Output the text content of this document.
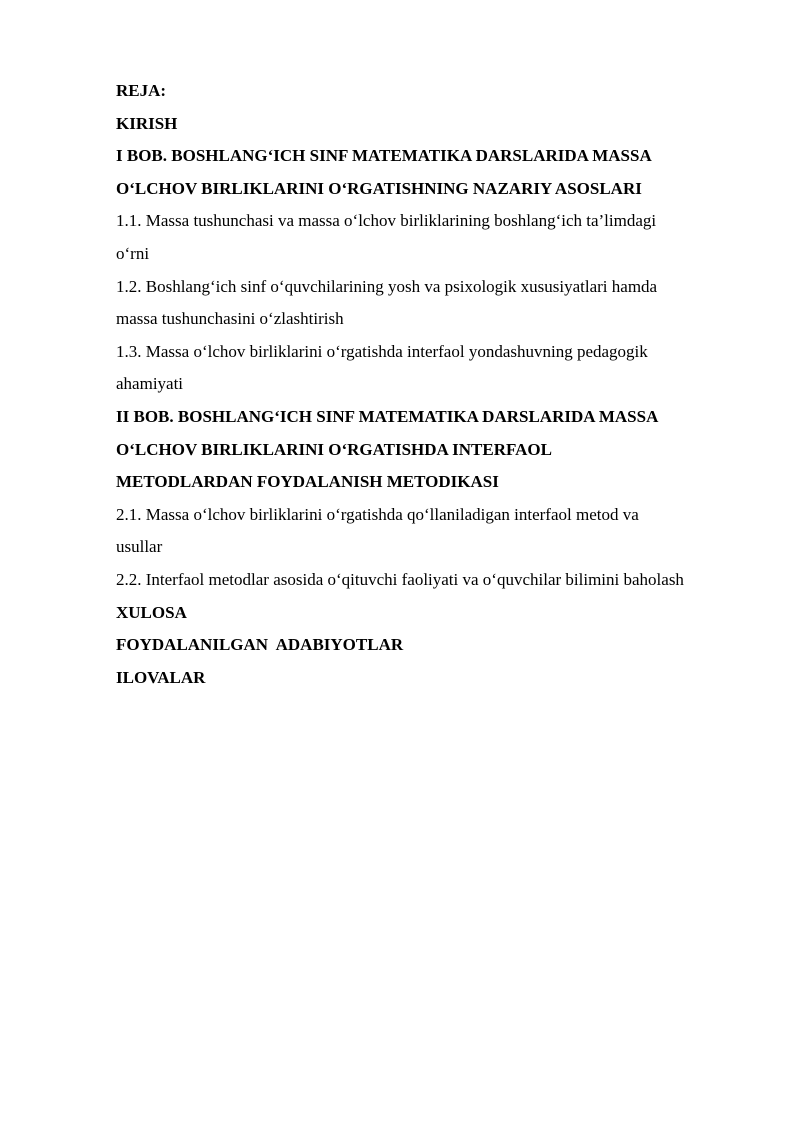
REJA:
KIRISH
I BOB. BOSHLANG‘ICH SINF MATEMATIKA DARSLARIDA MASSA
O‘LCHOV BIRLIKLARINI O‘RGATISHNING NAZARIY ASOSLARI
1.1. Massa tushunchasi va massa o‘lchov birliklarining boshlang‘ich ta’limdagi
o‘rni
1.2. Boshlang‘ich sinf o‘quvchilarining yosh va psixologik xususiyatlari hamda
massa tushunchasini o‘zlashtirish
1.3. Massa o‘lchov birliklarini o‘rgatishda interfaol yondashuvning pedagogik
ahamiyati
II BOB. BOSHLANG‘ICH SINF MATEMATIKA DARSLARIDA MASSA
O‘LCHOV BIRLIKLARINI O‘RGATISHDA INTERFAOL
METODLARDAN FOYDALANISH METODIKASI
2.1. Massa o‘lchov birliklarini o‘rgatishda qo‘llaniladigan interfaol metod va
usullar
2.2. Interfaol metodlar asosida o‘qituvchi faoliyati va o‘quvchilar bilimini baholash
XULOSA
FOYDALANILGAN  ADABIYOTLAR
ILOVALAR
